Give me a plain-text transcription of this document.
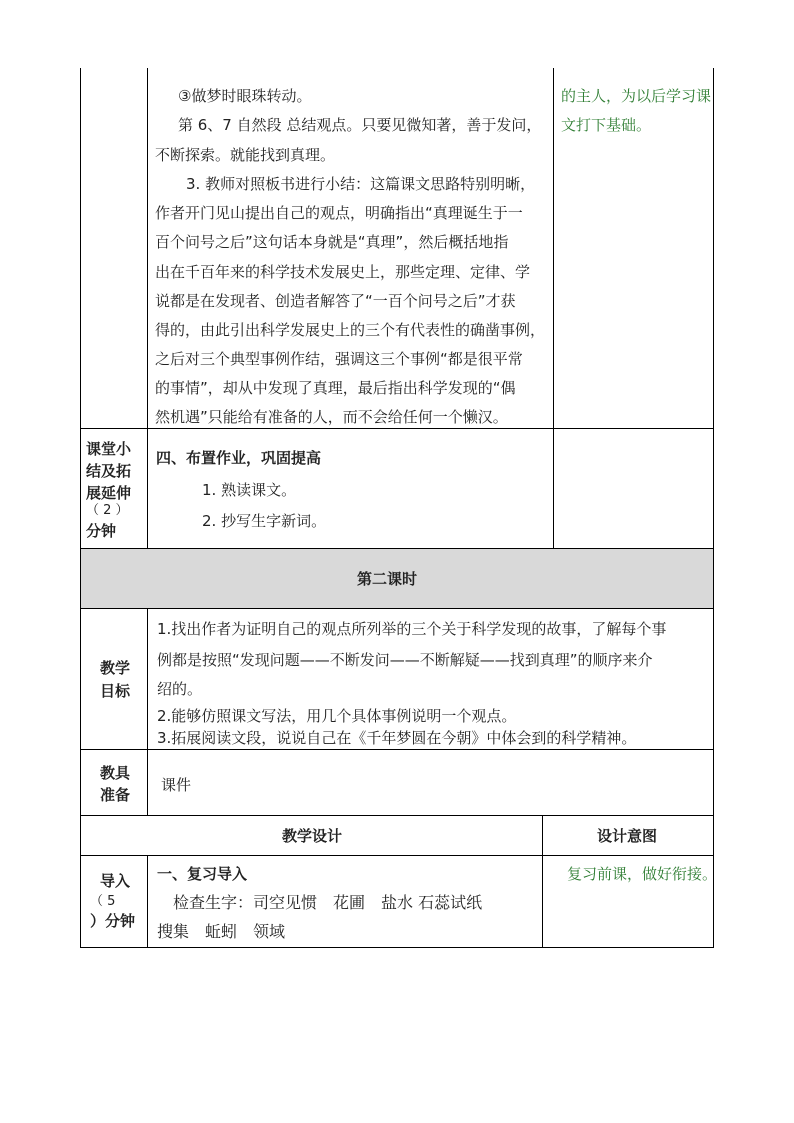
③做梦时眼珠转动。
第 6、7 自然段 总结观点。只要见微知著，善于发问，
不断探索。就能找到真理。
3. 教师对照板书进行小结：这篇课文思路特别明晰，
作者开门见山提出自己的观点，明确指出“真理诞生于一
百个问号之后”这句话本身就是“真理”，然后概括地指
出在千百年来的科学技术发展史上，那些定理、定律、学
说都是在发现者、创造者解答了“一百个问号之后”才获
得的，由此引出科学发展史上的三个有代表性的确凿事例，
之后对三个典型事例作结，强调这三个事例“都是很平常
的事情”，却从中发现了真理，最后指出科学发现的“偶
然机遇”只能给有准备的人，而不会给任何一个懒汉。
的主人，为以后学习课
文打下基础。
课堂小
结及拓
展延伸
（ 2 ）
分钟
四、布置作业，巩固提高
1. 熟读课文。
2. 抄写生字新词。
第二课时
教学
目标
1.找出作者为证明自己的观点所列举的三个关于科学发现的故事，了解每个事
例都是按照“发现问题——不断发问——不断解疑——找到真理”的顺序来介
绍的。
2.能够仿照课文写法，用几个具体事例说明一个观点。
3.拓展阅读文段，说说自己在《千年梦圆在今朝》中体会到的科学精神。
教具
准备
课件
教学设计	设计意图
导入
（ 5
）分钟
一、复习导入
检查生字：司空见惯　花圃　盐水 石蕊试纸
搜集　蚯蚓　领域
复习前课，做好衔接。
